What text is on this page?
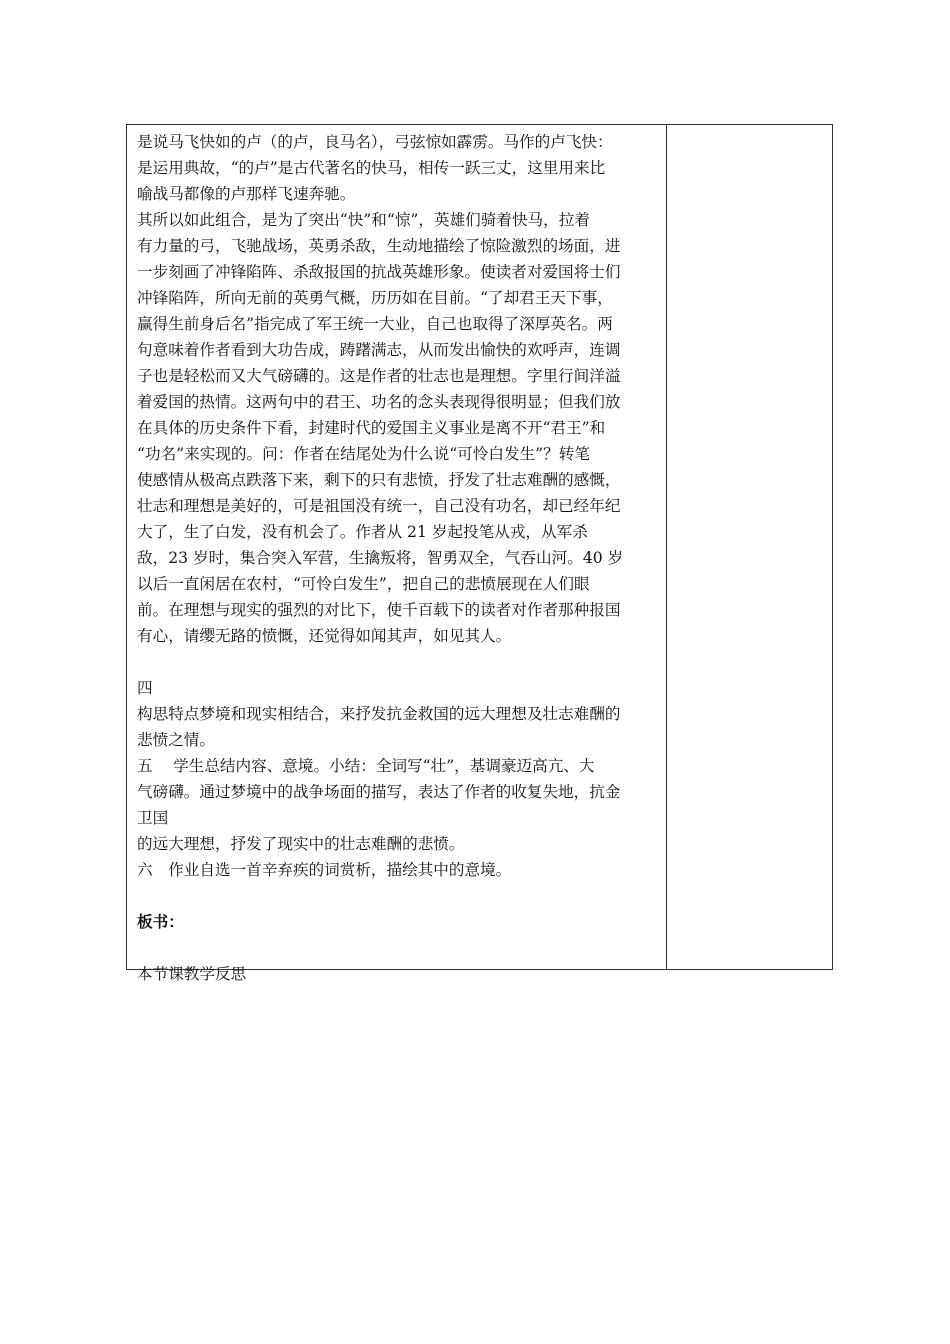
是说马飞快如的卢（的卢，良马名），弓弦惊如霹雳。马作的卢飞快：
是运用典故，“的卢”是古代著名的快马，相传一跃三丈，这里用来比
喻战马都像的卢那样飞速奔驰。
其所以如此组合，是为了突出“快”和“惊”，英雄们骑着快马，拉着
有力量的弓，飞驰战场，英勇杀敌，生动地描绘了惊险激烈的场面，进
一步刻画了冲锋陷阵、杀敌报国的抗战英雄形象。使读者对爱国将士们
冲锋陷阵，所向无前的英勇气概，历历如在目前。“了却君王天下事，
赢得生前身后名”指完成了军王统一大业，自己也取得了深厚英名。两
句意味着作者看到大功告成，踌躇满志，从而发出愉快的欢呼声，连调
子也是轻松而又大气磅礴的。这是作者的壮志也是理想。字里行间洋溢
着爱国的热情。这两句中的君王、功名的念头表现得很明显；但我们放
在具体的历史条件下看，封建时代的爱国主义事业是离不开“君王”和
“功名”来实现的。问：作者在结尾处为什么说“可怜白发生”？转笔
使感情从极高点跌落下来，剩下的只有悲愤，抒发了壮志难酬的感慨，
壮志和理想是美好的，可是祖国没有统一，自己没有功名，却已经年纪
大了，生了白发，没有机会了。作者从 21 岁起投笔从戎，从军杀
敌，23 岁时，集合突入军营，生擒叛将，智勇双全，气吞山河。40 岁
以后一直闲居在农村，“可怜白发生”，把自己的悲愤展现在人们眼
前。在理想与现实的强烈的对比下，使千百载下的读者对作者那种报国
有心，请缨无路的愤慨，还觉得如闻其声，如见其人。
四
构思特点梦境和现实相结合，来抒发抗金救国的远大理想及壮志难酬的
悲愤之情。
五　 学生总结内容、意境。小结：全词写“壮”，基调豪迈高亢、大
气磅礴。通过梦境中的战争场面的描写，表达了作者的收复失地，抗金
卫国
的远大理想，抒发了现实中的壮志难酬的悲愤。
六　作业自选一首辛弃疾的词赏析，描绘其中的意境。
板书：
本节课教学反思
